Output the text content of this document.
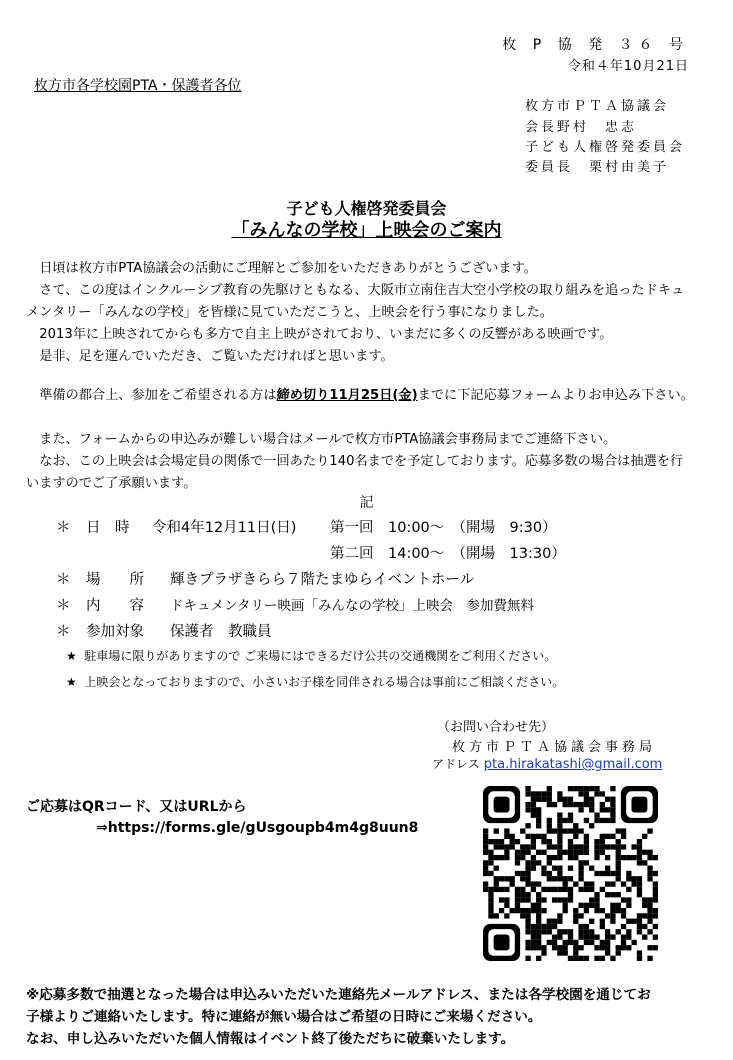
枚 P 協 発 ３６ 号
令和４年10月21日
枚方市各学校園PTA・保護者各位
枚方市ＰＴＡ協議会
会長野村　忠志
子ども人権啓発委員会
委員長　栗村由美子
子ども人権啓発委員会
「みんなの学校」上映会のご案内
日頃は枚方市PTA協議会の活動にご理解とご参加をいただきありがとうございます。
さて、この度はインクルーシブ教育の先駆けともなる、大阪市立南住吉大空小学校の取り組みを追ったドキュメンタリー「みんなの学校」を皆様に見ていただこうと、上映会を行う事になりました。
2013年に上映されてからも多方で自主上映がされており、いまだに多くの反響がある映画です。
是非、足を運んでいただき、ご覧いただければと思います。
準備の都合上、参加をご希望される方は締め切り11月25日(金)までに下記応募フォームよりお申込み下さい。
また、フォームからの申込みが難しい場合はメールで枚方市PTA協議会事務局までご連絡下さい。
なお、この上映会は会場定員の関係で一回あたり140名までを予定しております。応募多数の場合は抽選を行いますのでご了承願います。
記
＊ 日　時 令和4年12月11日(日) 第一回　10:00～　（開場　9:30）
第二回　14:00～　（開場　13:30）
＊ 場　　所 輝きプラザきらら７階たまゆらイベントホール
＊ 内　　容 ドキュメンタリー映画「みんなの学校」上映会　参加費無料
＊ 参加対象 保護者　教職員
★ 駐車場に限りがありますので ご来場にはできるだけ公共の交通機関をご利用ください。
★ 上映会となっておりますので、小さいお子様を同伴される場合は事前にご相談ください。
（お問い合わせ先）
枚方市ＰＴＡ協議会事務局
アドレス pta.hirakatashi@gmail.com
ご応募はQRコード、又はURLから
⇒https://forms.gle/gUsgoupb4m4g8uun8
※応募多数で抽選となった場合は申込みいただいた連絡先メールアドレス、または各学校園を通じてお
子様よりご連絡いたします。特に連絡が無い場合はご希望の日時にご来場ください。
なお、申し込みいただいた個人情報はイベント終了後ただちに破棄いたします。
